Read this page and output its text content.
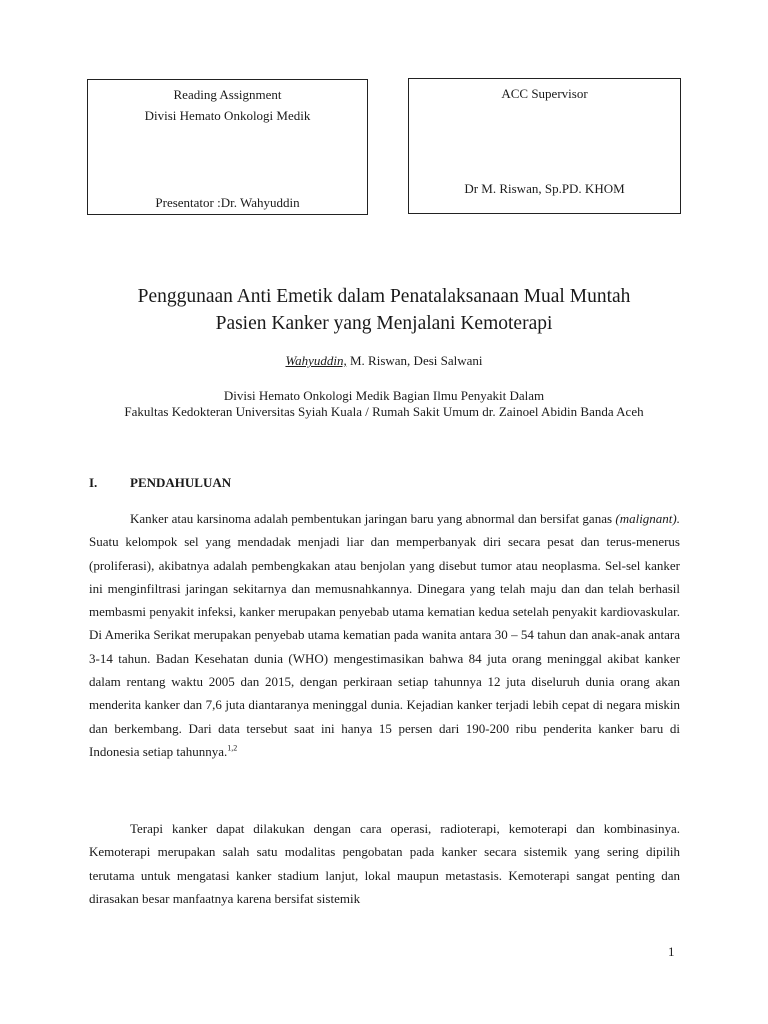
Reading Assignment
Divisi Hemato Onkologi Medik
Presentator :Dr. Wahyuddin
ACC Supervisor
Dr M. Riswan, Sp.PD. KHOM
Penggunaan Anti Emetik dalam Penatalaksanaan Mual Muntah
Pasien Kanker yang Menjalani Kemoterapi
Wahyuddin, M. Riswan, Desi Salwani
Divisi Hemato Onkologi Medik Bagian Ilmu Penyakit Dalam
Fakultas Kedokteran Universitas Syiah Kuala / Rumah Sakit Umum dr. Zainoel Abidin Banda Aceh
I.	PENDAHULUAN

Kanker atau karsinoma adalah pembentukan jaringan baru yang abnormal dan bersifat ganas (malignant). Suatu kelompok sel yang mendadak menjadi liar dan memperbanyak diri secara pesat dan terus-menerus (proliferasi), akibatnya adalah pembengkakan atau benjolan yang disebut tumor atau neoplasma. Sel-sel kanker ini menginfiltrasi jaringan sekitarnya dan memusnahkannya. Dinegara yang telah maju dan dan telah berhasil membasmi penyakit infeksi, kanker merupakan penyebab utama kematian kedua setelah penyakit kardiovaskular. Di Amerika Serikat merupakan penyebab utama kematian pada wanita antara 30 – 54 tahun dan anak-anak antara 3-14 tahun. Badan Kesehatan dunia (WHO) mengestimasikan bahwa 84 juta orang meninggal akibat kanker dalam rentang waktu 2005 dan 2015, dengan perkiraan setiap tahunnya 12 juta diseluruh dunia orang akan menderita kanker dan 7,6 juta diantaranya meninggal dunia. Kejadian kanker terjadi lebih cepat di negara miskin dan berkembang. Dari data tersebut saat ini hanya 15 persen dari 190-200 ribu penderita kanker baru di Indonesia setiap tahunnya.$^{1,2}$

Terapi kanker dapat dilakukan dengan cara operasi, radioterapi, kemoterapi dan kombinasinya. Kemoterapi merupakan salah satu modalitas pengobatan pada kanker secara sistemik yang sering dipilih terutama untuk mengatasi kanker stadium lanjut, lokal maupun metastasis. Kemoterapi sangat penting dan dirasakan besar manfaatnya karena bersifat sistemik

1
